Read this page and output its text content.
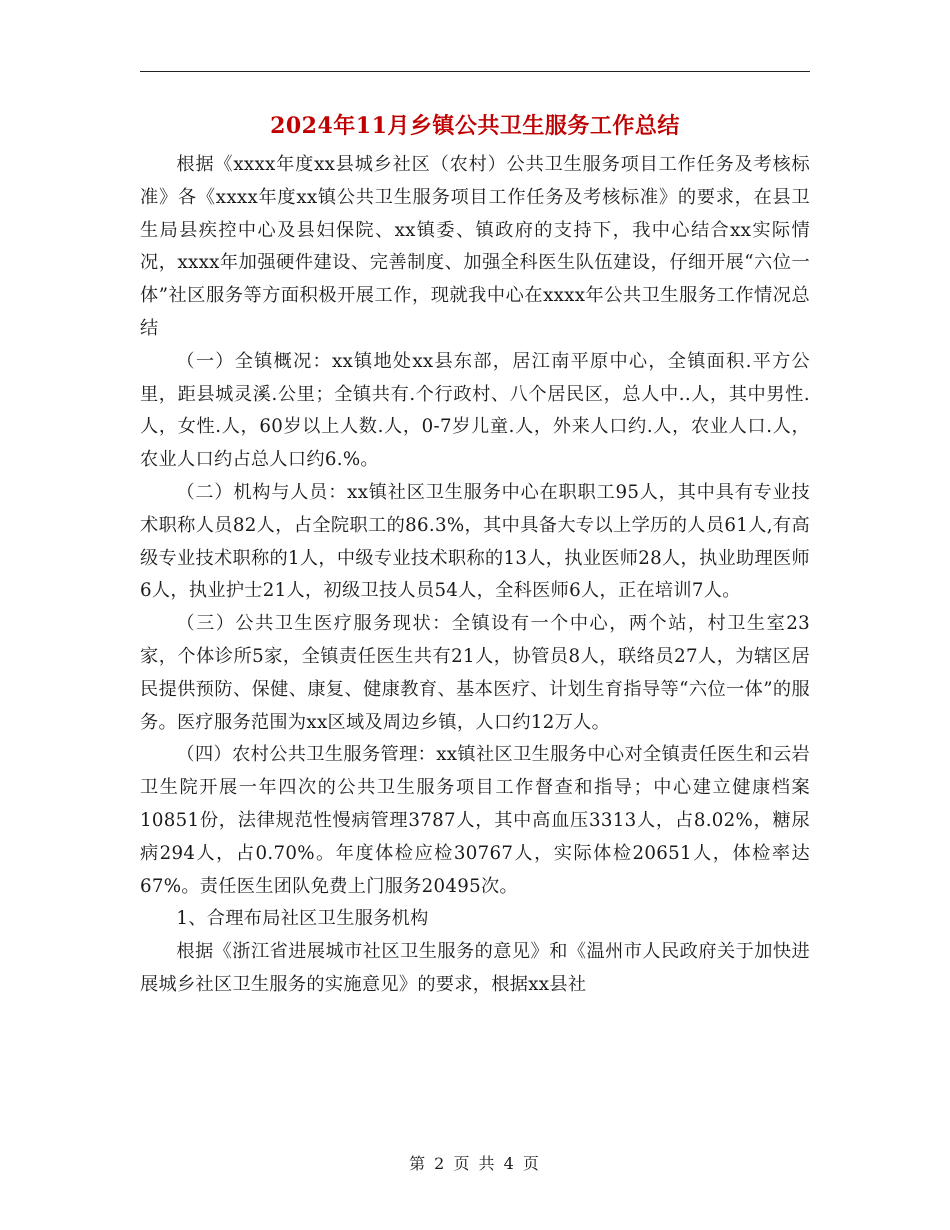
2024年11月乡镇公共卫生服务工作总结

根据《xxxx年度xx县城乡社区（农村）公共卫生服务项目工作任务及考核标准》各《xxxx年度xx镇公共卫生服务项目工作任务及考核标准》的要求，在县卫生局县疾控中心及县妇保院、xx镇委、镇政府的支持下，我中心结合xx实际情况，xxxx年加强硬件建设、完善制度、加强全科医生队伍建设，仔细开展“六位一体”社区服务等方面积极开展工作，现就我中心在xxxx年公共卫生服务工作情况总结

（一）全镇概况：xx镇地处xx县东部，居江南平原中心，全镇面积.平方公里，距县城灵溪.公里；全镇共有.个行政村、八个居民区，总人中..人，其中男性.人，女性.人，60岁以上人数.人，0-7岁儿童.人，外来人口约.人，农业人口.人，农业人口约占总人口约6.%。

（二）机构与人员：xx镇社区卫生服务中心在职职工95人，其中具有专业技术职称人员82人，占全院职工的86.3%，其中具备大专以上学历的人员61人,有高级专业技术职称的1人，中级专业技术职称的13人，执业医师28人，执业助理医师6人，执业护士21人，初级卫技人员54人，全科医师6人，正在培训7人。

（三）公共卫生医疗服务现状：全镇设有一个中心，两个站，村卫生室23家，个体诊所5家，全镇责任医生共有21人，协管员8人，联络员27人，为辖区居民提供预防、保健、康复、健康教育、基本医疗、计划生育指导等“六位一体”的服务。医疗服务范围为xx区域及周边乡镇，人口约12万人。

（四）农村公共卫生服务管理：xx镇社区卫生服务中心对全镇责任医生和云岩卫生院开展一年四次的公共卫生服务项目工作督查和指导；中心建立健康档案10851份，法律规范性慢病管理3787人，其中高血压3313人，占8.02%，糖尿病294人，占0.70%。年度体检应检30767人，实际体检20651人，体检率达67%。责任医生团队免费上门服务20495次。

1、合理布局社区卫生服务机构

根据《浙江省进展城市社区卫生服务的意见》和《温州市人民政府关于加快进展城乡社区卫生服务的实施意见》的要求，根据xx县社

第 2 页 共 4 页
